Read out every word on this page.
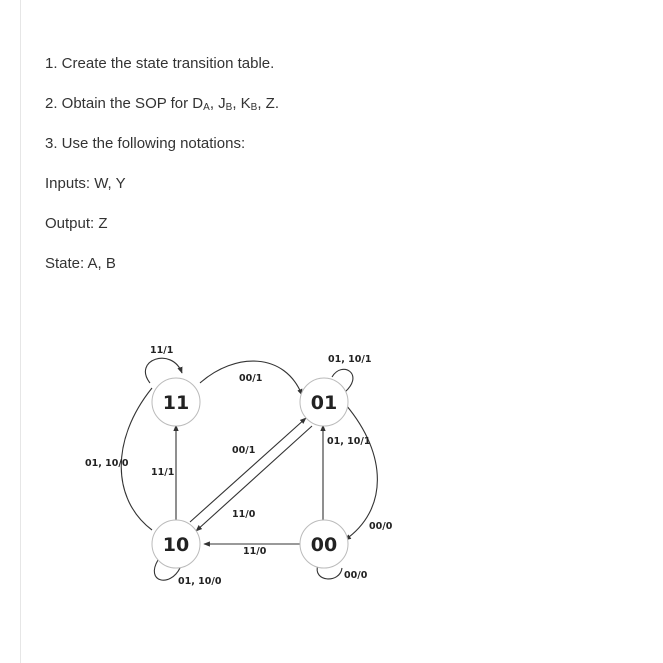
1. Create the state transition table.
2. Obtain the SOP for $D_A$, $J_B$, $K_B$, Z.
3. Use the following notations:
Inputs: W, Y
Output: Z
State: A, B
11	01
10	00
11/1
01, 10/1
01, 10/0
00/0
00/1
00/1
11/0
01, 10/0
11/1
01, 10/1
00/0
11/0
